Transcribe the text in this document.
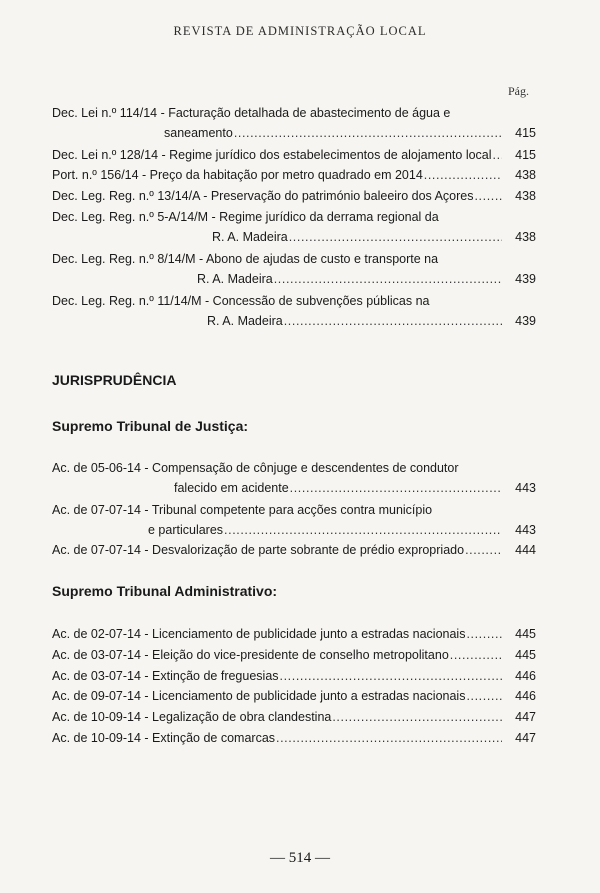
REVISTA DE ADMINISTRAÇÃO LOCAL
Pág.
Dec. Lei n.º 114/14 - Facturação detalhada de abastecimento de água e
saneamento .....	415
Dec. Lei n.º 128/14 - Regime jurídico dos estabelecimentos de alojamento local .....	415
Port. n.º 156/14 - Preço da habitação por metro quadrado em 2014 .....	438
Dec. Leg. Reg. n.º 13/14/A - Preservação do património baleeiro dos Açores .....	438
Dec. Leg. Reg. n.º 5-A/14/M - Regime jurídico da derrama regional da
R. A. Madeira .....	438
Dec. Leg. Reg. n.º 8/14/M - Abono de ajudas de custo e transporte na
R. A. Madeira .....	439
Dec. Leg. Reg. n.º 11/14/M - Concessão de subvenções públicas na
R. A. Madeira .....	439
JURISPRUDÊNCIA
Supremo Tribunal de Justiça:
Ac. de 05-06-14 - Compensação de cônjuge e descendentes de condutor
falecido em acidente .....	443
Ac. de 07-07-14 - Tribunal competente para acções contra município
e particulares .....	443
Ac. de 07-07-14 - Desvalorização de parte sobrante de prédio expropriado .....	444
Supremo Tribunal Administrativo:
Ac. de 02-07-14 - Licenciamento de publicidade junto a estradas nacionais .....	445
Ac. de 03-07-14 - Eleição do vice-presidente de conselho metropolitano .....	445
Ac. de 03-07-14 - Extinção de freguesias .....	446
Ac. de 09-07-14 - Licenciamento de publicidade junto a estradas nacionais .....	446
Ac. de 10-09-14 - Legalização de obra clandestina .....	447
Ac. de 10-09-14 - Extinção de comarcas .....	447
— 514 —
